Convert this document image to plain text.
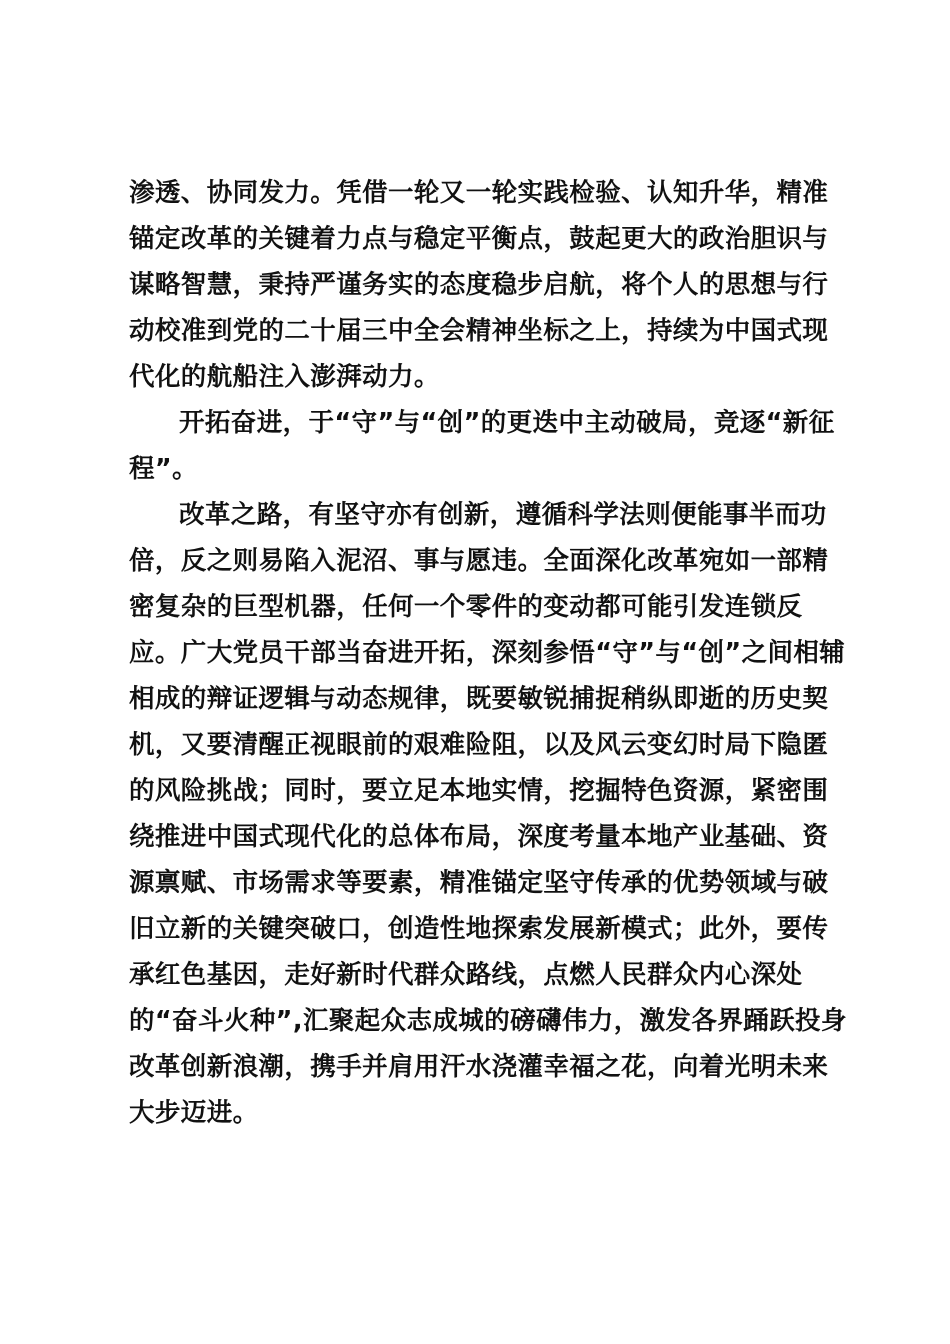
渗透、协同发力。凭借一轮又一轮实践检验、认知升华，精准
锚定改革的关键着力点与稳定平衡点，鼓起更大的政治胆识与
谋略智慧，秉持严谨务实的态度稳步启航，将个人的思想与行
动校准到党的二十届三中全会精神坐标之上，持续为中国式现
代化的航船注入澎湃动力。
开拓奋进，于“守”与“创”的更迭中主动破局，竞逐“新征
程”。
改革之路，有坚守亦有创新，遵循科学法则便能事半而功
倍，反之则易陷入泥沼、事与愿违。全面深化改革宛如一部精
密复杂的巨型机器，任何一个零件的变动都可能引发连锁反
应。广大党员干部当奋进开拓，深刻参悟“守”与“创”之间相辅
相成的辩证逻辑与动态规律，既要敏锐捕捉稍纵即逝的历史契
机，又要清醒正视眼前的艰难险阻，以及风云变幻时局下隐匿
的风险挑战；同时，要立足本地实情，挖掘特色资源，紧密围
绕推进中国式现代化的总体布局，深度考量本地产业基础、资
源禀赋、市场需求等要素，精准锚定坚守传承的优势领域与破
旧立新的关键突破口，创造性地探索发展新模式；此外，要传
承红色基因，走好新时代群众路线，点燃人民群众内心深处
的“奋斗火种”,汇聚起众志成城的磅礴伟力，激发各界踊跃投身
改革创新浪潮，携手并肩用汗水浇灌幸福之花，向着光明未来
大步迈进。
